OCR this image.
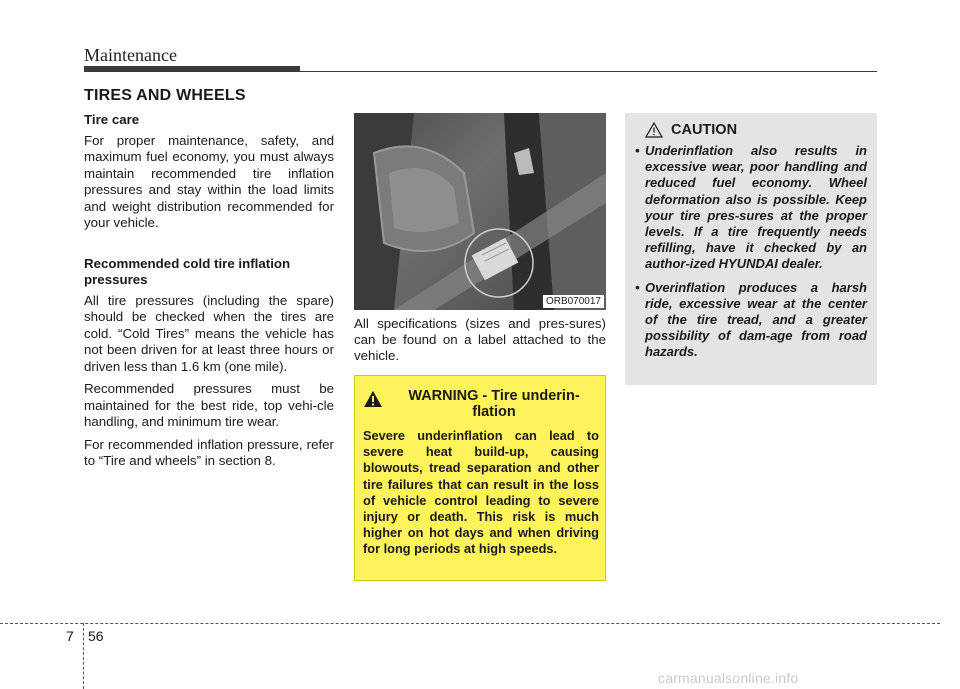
Maintenance
TIRES AND WHEELS
Tire care

For proper maintenance, safety, and maximum fuel economy, you must always maintain recommended tire inflation pressures and stay within the load limits and weight distribution recommended for your vehicle.

Recommended cold tire inflation pressures

All tire pressures (including the spare) should be checked when the tires are cold. “Cold Tires” means the vehicle has not been driven for at least three hours or driven less than 1.6 km (one mile).

Recommended pressures must be maintained for the best ride, top vehi-cle handling, and minimum tire wear.

For recommended inflation pressure, refer to “Tire and wheels” in section 8.

ORB070017
All specifications (sizes and pres-sures) can be found on a label attached to the vehicle.
WARNING - Tire underin-flation
Severe underinflation can lead to severe heat build-up, causing blowouts, tread separation and other tire failures that can result in the loss of vehicle control leading to severe injury or death. This risk is much higher on hot days and when driving for long periods at high speeds.
CAUTION
• Underinflation also results in excessive wear, poor handling and reduced fuel economy. Wheel deformation also is possible. Keep your tire pres-sures at the proper levels. If a tire frequently needs refilling, have it checked by an author-ized HYUNDAI dealer.
• Overinflation produces a harsh ride, excessive wear at the center of the tire tread, and a greater possibility of dam-age from road hazards.
7 56
carmanualsonline.info
